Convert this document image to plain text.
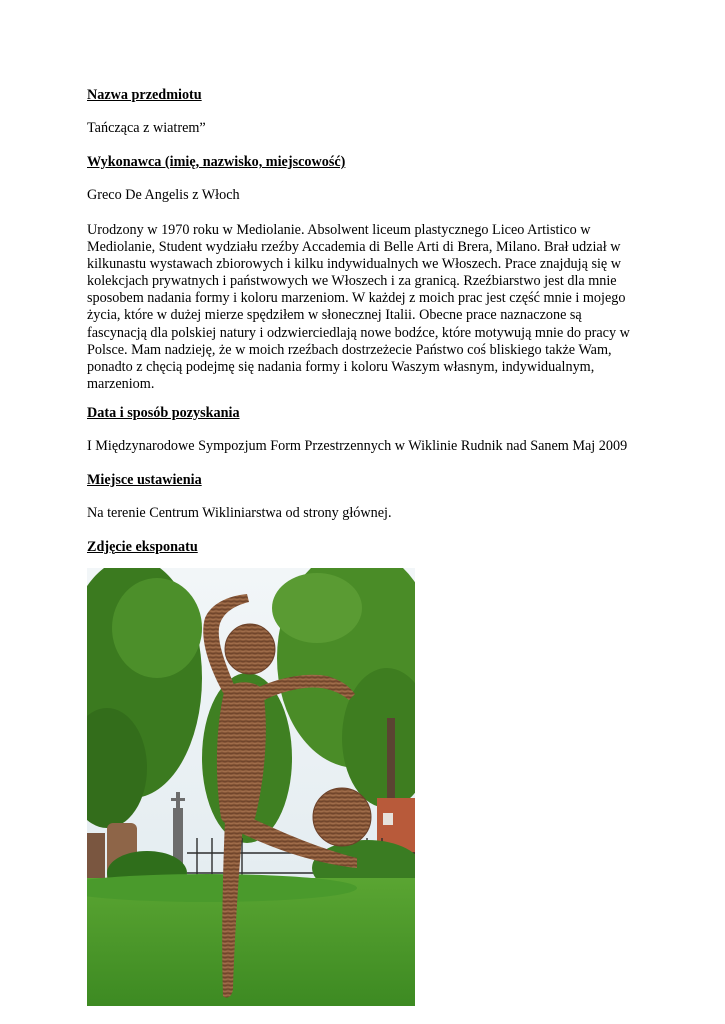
Nazwa przedmiotu
Tańcząca z wiatrem”
Wykonawca (imię, nazwisko, miejscowość)
Greco De Angelis z Włoch
Urodzony w 1970 roku w Mediolanie. Absolwent liceum plastycznego Liceo Artistico w
Mediolanie, Student wydziału rzeźby Accademia di Belle Arti di Brera, Milano. Brał udział w
kilkunastu wystawach zbiorowych i kilku indywidualnych we Włoszech. Prace znajdują się w
kolekcjach prywatnych i państwowych we Włoszech i za granicą. Rzeźbiarstwo jest dla mnie
sposobem nadania formy i koloru marzeniom. W każdej z moich prac jest część mnie i mojego
życia, które w dużej mierze spędziłem w słonecznej Italii. Obecne prace naznaczone są
fascynacją dla polskiej natury i odzwierciedlają nowe bodźce, które motywują mnie do pracy w
Polsce. Mam nadzieję, że w moich rzeźbach dostrzeżecie Państwo coś bliskiego także Wam,
ponadto z chęcią podejmę się nadania formy i koloru Waszym własnym, indywidualnym,
marzeniom.
Data i sposób pozyskania
I Międzynarodowe Sympozjum Form Przestrzennych w Wiklinie Rudnik nad Sanem Maj 2009
Miejsce ustawienia
Na terenie Centrum Wikliniarstwa od strony głównej.
Zdjęcie eksponatu
